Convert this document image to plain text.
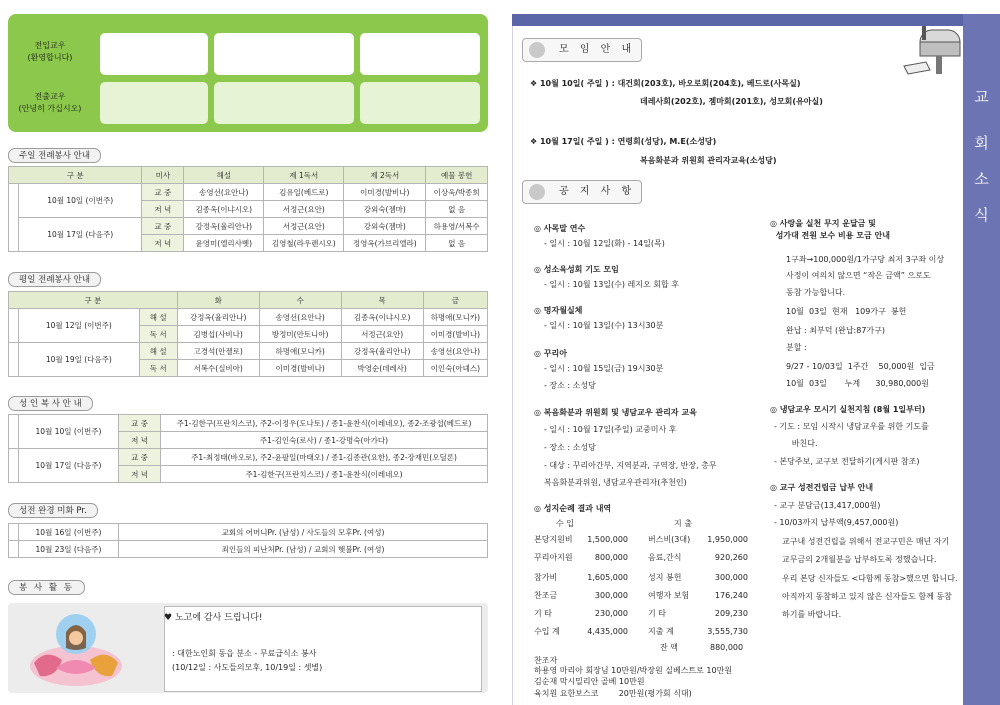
이 름(본 명)	계시던 곳 / 가시는 곳	구역 / 전화
전입교우
(환영합니다)
전출교우
(안녕히 가십시오)
주일 전례봉사 안내
구 분		미사	해설	제 1독서	제 2독서	예물 봉헌
	10월 10일 (이번주)	교 중	송영선(요안나)	김유일(베드로)	이미경(발비나)	이상욱/박종희
		저 녁	김종옥(이냐시오)	서정근(요안)	강외숙(젬마)	없 음
	10월 17일 (다음주)	교 중	강정옥(율리안나)	서정근(요안)	강외숙(젬마)	하용영/서복수
		저 녁	윤영미(엘리사벳)	김영철(라우렌시오)	정영옥(가브리엘라)	없 음
평일 전례봉사 안내
구 분			화	수	목	금
	10월 12일 (이번주)	해 설	강정옥(율리안나)	송영선(요안나)	김종옥(이냐시오)	하명애(모니카)
		독 서	김병섭(사비나)	방정미(안토니아)	서정근(요안)	이미경(발비나)
	10월 19일 (다음주)	해 설	고경석(안젤로)	하명애(모니카)	강정옥(율리안나)	송영선(요안나)
		독 서	서복수(실비아)	이미경(발비나)	박영순(데레사)	이인숙(아녜스)
성 인 복 사 안 내
	10월 10일 (이번주)	교 중	주1-김한구(프란치스코), 주2-이정우(도나토) / 종1-윤찬식(이레네오), 종2-조광섭(베드로)
		저 녁	주1-김인숙(로사) / 종1-강명숙(아가다)
	10월 17일 (다음주)	교 중	주1-최정태(바오로), 주2-윤팔일(마태오) / 종1-김종관(요한), 종2-장재민(오딜론)
		저 녁	주1-김한구(프란치스코) / 종1-윤찬식(이레네오)
성전 완경 미화 Pr.
	10월 16일 (이번주)	교회의 어머니Pr. (남성) / 사도들의 모후Pr. (여성)
	10월 23일 (다음주)	죄인들의 피난처Pr. (남성) / 교회의 햇불Pr. (여성)
봉 사 활 동
♥ 노고에 감사 드립니다!
: 대한노인회 동읍 분소 - 무료급식소 봉사
(10/12일 : 사도들의모후, 10/19일 : 셋별)
교
회
소
식
모 임 안 내
❖ 10월 10일( 주일 ) : 대건회(203호), 바오로회(204호), 베드로(사목실)
데레사회(202호), 젬마회(201호), 성모회(유아실)
❖ 10월 17일( 주일 ) : 연령회(성당), M.E(소성당)
복음화분과 위원회 관리자교육(소성당)
공 지 사 항
◎ 사목말 연수
- 일시 : 10월 12일(화) - 14일(목)
◎ 성소육성회 기도 모임
- 일시 : 10월 13일(수) 레지오 회합 후
◎ 명자월실체
- 일시 : 10월 13일(수) 13시30분
◎ 꾸리아
- 일시 : 10월 15일(금) 19시30분
- 장소 : 소성당
◎ 복음화분과 위원회 및 냉담교우 관리자 교육
- 일시 : 10월 17일(주일) 교중미사 후
- 장소 : 소성당
- 대상 : 꾸리아간부, 지역분과, 구역장, 반장, 총무
복음화분과위원, 냉담교우관리자(추천인)
◎ 성지순례 결과 내역
수 입	지 출
본당지원비	1,500,000	버스비(3대)	1,950,000
꾸리아지원	800,000	음료,간식	920,260
참가비	1,605,000	성지 봉헌	300,000
찬조금	300,000	여행자 보험	176,240
기 타	230,000	기 타	209,230
수입 계	4,435,000	지출 계	3,555,730
잔 액	880,000
찬조자
하용영 마리아 회장님 10만원/박장원 실베스트로 10만원
김순재 막시밀리안 골베 10만원
육치원 요한보스코        20만원(평가회 식대)
◎ 사랑을 실천 무지 운달금 및
성가대 전원 보수 비용 모금 안내
1구좌→100,000원/1가구당 최저 3구좌 이상
사정이 여의치 않으면 “작은 금액” 으로도
동참 가능합니다.
10월  03일  현재   109가구  봉헌
완납 : 최부덕 (완납:87가구)
분할 :
9/27 - 10/03일  1주간    50,000원  입금
10월  03일       누계      30,980,000원
◎ 냉담교우 모시기 실천지침 (8월 1일부터)
- 기도 : 모임 시작시 냉담교우를 위한 기도를
바친다.
- 본당주보, 교구보 전달하기(게시판 참조)
◎ 교구 성전건립금 납부 안내
- 교구 분담금(13,417,000원)
- 10/03까지 납부액(9,457,000원)
교구내 성전건립을 위해서 전교구민은 매년 자기
교무금의 2개월분을 납부하도록 정했습니다.
우리 본당 신자들도 <다함께 동참>했으면 합니다.
아직까지 동참하고 있지 않은 신자들도 함께 동참
하기를 바랍니다.
